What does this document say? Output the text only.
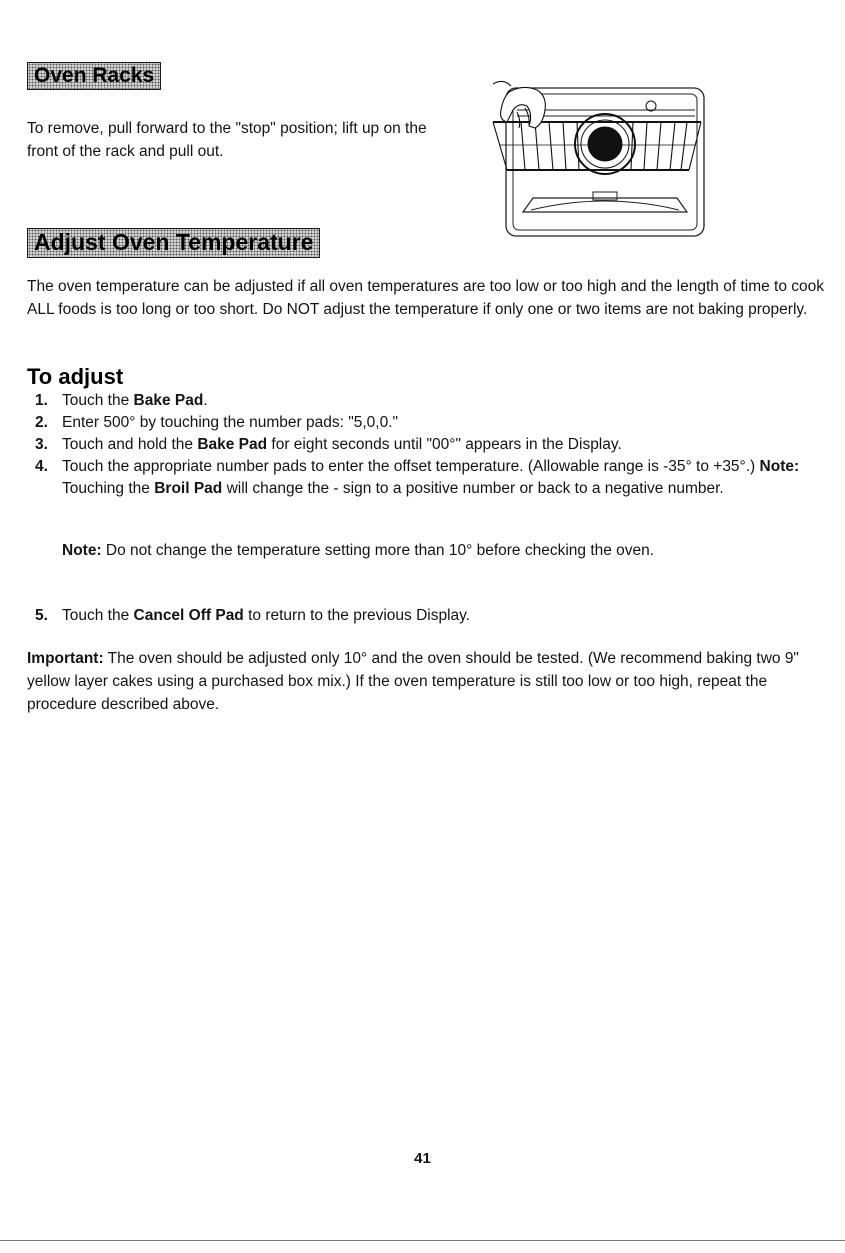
Oven Racks
To remove, pull forward to the "stop" position; lift up on the front of the rack and pull out.
Adjust Oven Temperature
The oven temperature can be adjusted if all oven temperatures are too low or too high and the length of time to cook ALL foods is too long or too short. Do NOT adjust the temperature if only one or two items are not baking properly.
To adjust
1. Touch the Bake Pad.
2. Enter 500° by touching the number pads: "5,0,0."
3. Touch and hold the Bake Pad for eight seconds until "00°" appears in the Display.
4. Touch the appropriate number pads to enter the offset temperature. (Allowable range is -35° to +35°.) Note: Touching the Broil Pad will change the - sign to a positive number or back to a negative number.
Note: Do not change the temperature setting more than 10° before checking the oven.
5. Touch the Cancel Off Pad to return to the previous Display.
Important: The oven should be adjusted only 10° and the oven should be tested. (We recommend baking two 9" yellow layer cakes using a purchased box mix.) If the oven temperature is still too low or too high, repeat the procedure described above.
41
